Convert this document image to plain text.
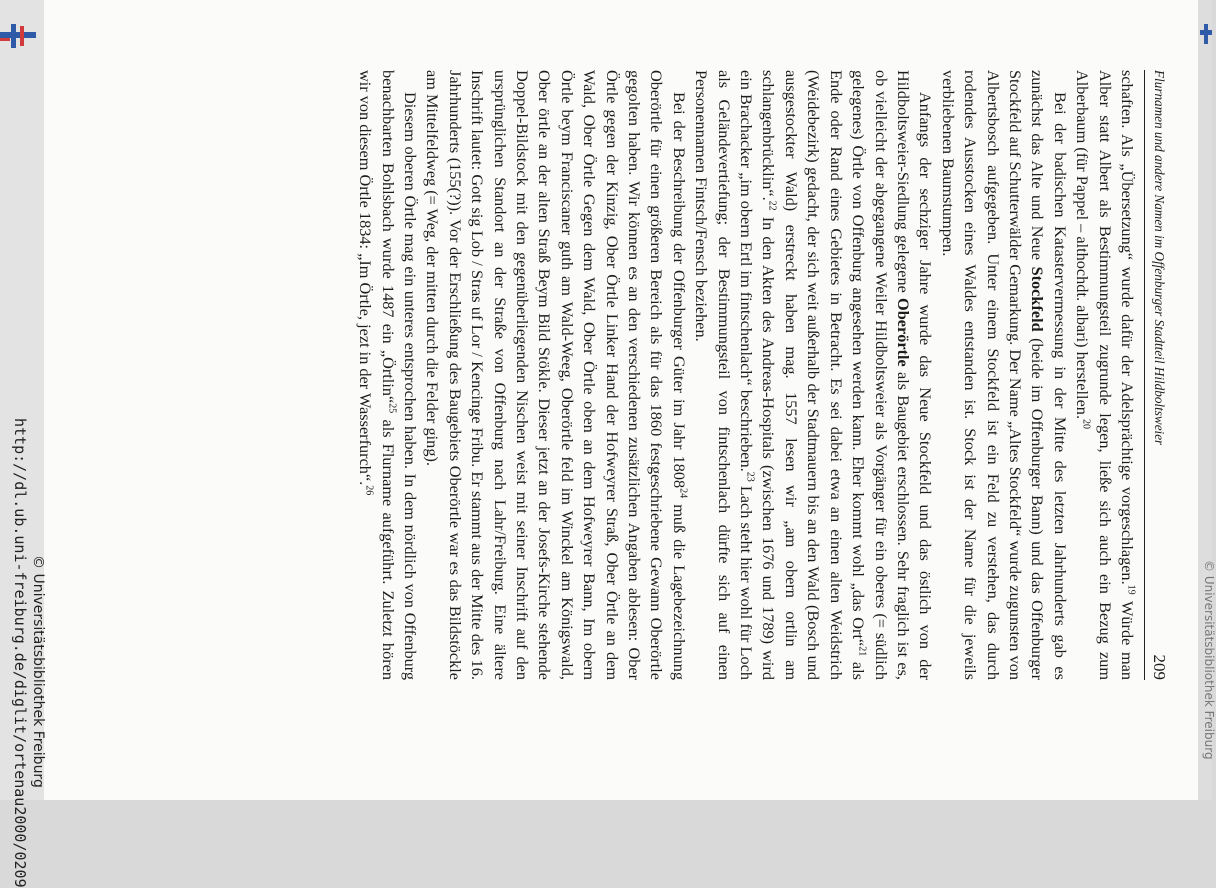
http://dl.ub.uni-freiburg.de/diglit/ortenau2000/0209 © Universitätsbibliothek Freiburg	© Universitätsbibliothek Freiburg
Flurnamen und andere Namen im Offenburger Stadtteil Hildboltsweier
209

schaften. Als „Übersetzung“ wurde dafür der Adelsprächtige vorgeschlagen.$^{19}$ Würde man Alber statt Albert als Bestimmungsteil zugrunde legen, ließe sich auch ein Bezug zum Alberbaum (für Pappel – althochdt. albari) herstellen.$^{20}$

Bei der badischen Katastervermessung in der Mitte des letzten Jahrhunderts gab es zunächst das Alte und Neue Stockfeld (beide im Offenburger Bann) und das Offenburger Stockfeld auf Schutterwälder Gemarkung. Der Name „Altes Stockfeld“ wurde zugunsten von Albertsbosch aufgegeben. Unter einem Stockfeld ist ein Feld zu verstehen, das durch rodendes Ausstocken eines Waldes entstanden ist. Stock ist der Name für die jeweils verbliebenen Baumstumpen.

Anfangs der sechziger Jahre wurde das Neue Stockfeld und das östlich von der Hildboltsweier-Siedlung gelegene Oberörtle als Baugebiet erschlossen. Sehr fraglich ist es, ob vielleicht der abgegangene Weiler Hildboltsweier als Vorgänger für ein oberes (= südlich gelegenes) Örtle von Offenburg angesehen werden kann. Eher kommt wohl „das Ort“$^{21}$ als Ende oder Rand eines Gebietes in Betracht. Es sei dabei etwa an einen alten Weidstrich (Weidebezirk) gedacht, der sich weit außerhalb der Stadtmauern bis an den Wald (Bosch und ausgestockter Wald) erstreckt haben mag. 1557 lesen wir „am obern ortlin am schlangenbrücklin“.$^{22}$ In den Akten des Andreas-Hospitals (zwischen 1676 und 1789) wird ein Brachacker „im obern Ertl im fintschenlach“ beschrieben.$^{23}$ Lach steht hier wohl für Loch als Geländevertiefung; der Bestimmungsteil von fintschenlach dürfte sich auf einen Personennamen Fintsch/Fensch beziehen.

Bei der Beschreibung der Offenburger Güter im Jahr 1808$^{24}$ muß die Lagebezeichnung Oberörtle für einen größeren Bereich als für das 1860 festgeschriebene Gewann Oberörtle gegolten haben. Wir können es an den verschiedenen zusätzlichen Angaben ablesen: Ober Örtle gegen der Kinzig, Ober Örtle Linker Hand der Hofweyrer Straß, Ober Örtle an dem Wald, Ober Örtle Gegen dem Wald, Ober Örtle oben an dem Hofweyrer Bann, Im obern Örtle beym Franciscaner guth am Wald-Weeg, Oberörtle feld im Winckel am Königswald, Ober örtle an der alten Straß Beym Bild Stökle. Dieser jetzt an der Josefs-Kirche stehende Doppel-Bildstock mit den gegenüberliegenden Nischen weist mit seiner Inschrift auf den ursprünglichen Standort an der Straße von Offenburg nach Lahr/Freiburg. Eine ältere Inschrift lautet: Gott sig Lob / Stras uf Lor / Kencinge Fribu. Er stammt aus der Mitte des 16. Jahrhunderts (155(?)). Vor der Erschließung des Baugebiets Oberörtle war es das Bildstöckle am Mittelfeldweg (= Weg, der mitten durch die Felder ging).

Diesem oberen Örtle mag ein unteres entsprochen haben. In dem nördlich von Offenburg benachbarten Bohlsbach wurde 1487 ein „Örtlin“$^{25}$ als Flurname aufgeführt. Zuletzt hören wir von diesem Örtle 1834: „Im Örtle, jezt in der Wasserfurch“.$^{26}$
